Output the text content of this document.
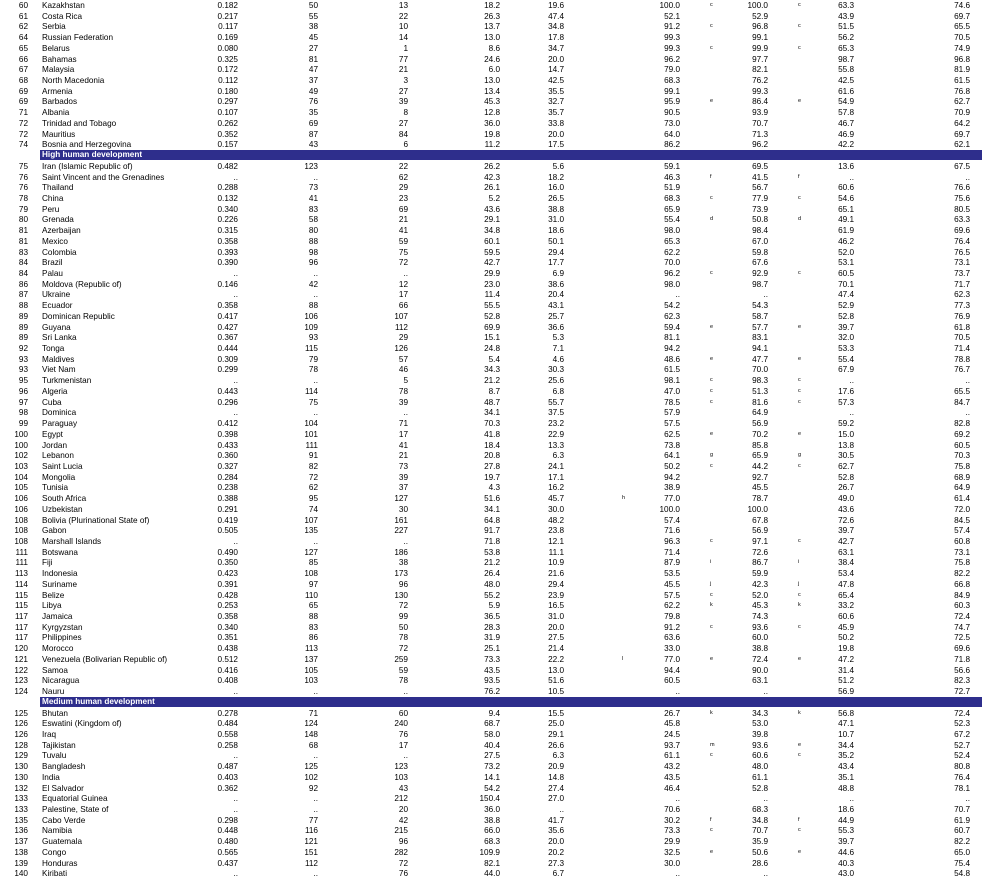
60 Kazakhstan	0.182	50	13	18.2	19.6	100.0	c	100.0	c	63.3	74.6
61 Costa Rica	0.217	55	22	26.3	47.4	52.1	52.9	43.9	69.7
62 Serbia	0.117	38	10	13.7	34.8	91.2	c	96.8	c	51.5	65.5
64 Russian Federation	0.169	45	14	13.0	17.8	99.3	99.1	56.2	70.5
65 Belarus	0.080	27	1	8.6	34.7	99.3	c	99.9	c	65.3	74.9
66 Bahamas	0.325	81	77	24.6	20.0	96.2	97.7	98.7	96.8
67 Malaysia	0.172	47	21	6.0	14.7	79.0	82.1	55.8	81.9
68 North Macedonia	0.112	37	3	13.0	42.5	68.3	76.2	42.5	61.5
69 Armenia	0.180	49	27	13.4	35.5	99.1	99.3	61.6	76.8
69 Barbados	0.297	76	39	45.3	32.7	95.9	e	86.4	e	54.9	62.7
71 Albania	0.107	35	8	12.8	35.7	90.5	93.9	57.8	70.9
72 Trinidad and Tobago	0.262	69	27	36.0	33.8	73.0	70.7	46.7	64.2
72 Mauritius	0.352	87	84	19.8	20.0	64.0	71.3	46.9	69.7
74 Bosnia and Herzegovina	0.157	43	6	11.2	17.5	86.2	96.2	42.2	62.1
High human development
75 Iran (Islamic Republic of)	0.482	123	22	26.2	5.6	59.1	69.5	13.6	67.5
76 Saint Vincent and the Grenadines	..	..	62	42.3	18.2	46.3	f	41.5	f	..	..
76 Thailand	0.288	73	29	26.1	16.0	51.9	56.7	60.6	76.6
78 China	0.132	41	23	5.2	26.5	68.3	c	77.9	c	54.6	75.6
79 Peru	0.340	83	69	43.6	38.8	65.9	73.9	65.1	80.5
80 Grenada	0.226	58	21	29.1	31.0	55.4	d	50.8	d	49.1	63.3
81 Azerbaijan	0.315	80	41	34.8	18.6	98.0	98.4	61.9	69.6
81 Mexico	0.358	88	59	60.1	50.1	65.3	67.0	46.2	76.4
83 Colombia	0.393	98	75	59.5	29.4	62.2	59.8	52.0	76.5
84 Brazil	0.390	96	72	42.7	17.7	70.0	67.6	53.1	73.1
84 Palau	..	..	..	29.9	6.9	96.2	c	92.9	c	60.5	73.7
86 Moldova (Republic of)	0.146	42	12	23.0	38.6	98.0	98.7	70.1	71.7
87 Ukraine	..	..	17	11.4	20.4	..	..	47.4	62.3
88 Ecuador	0.358	88	66	55.5	43.1	54.2	54.3	52.9	77.3
89 Dominican Republic	0.417	106	107	52.8	25.7	62.3	58.7	52.8	76.9
89 Guyana	0.427	109	112	69.9	36.6	59.4	e	57.7	e	39.7	61.8
89 Sri Lanka	0.367	93	29	15.1	5.3	81.1	83.1	32.0	70.5
92 Tonga	0.444	115	126	24.8	7.1	94.2	94.1	53.3	71.4
93 Maldives	0.309	79	57	5.4	4.6	48.6	e	47.7	e	55.4	78.8
93 Viet Nam	0.299	78	46	34.3	30.3	61.5	70.0	67.9	76.7
95 Turkmenistan	..	..	5	21.2	25.6	98.1	c	98.3	c	..	..
96 Algeria	0.443	114	78	8.7	6.8	47.0	c	51.3	c	17.6	65.5
97 Cuba	0.296	75	39	48.7	55.7	78.5	c	81.6	c	57.3	84.7
98 Dominica	..	..	..	34.1	37.5	57.9	64.9	..	..
99 Paraguay	0.412	104	71	70.3	23.2	57.5	56.9	59.2	82.8
100 Egypt	0.398	101	17	41.8	22.9	62.5	e	70.2	e	15.0	69.2
100 Jordan	0.433	111	41	18.4	13.3	73.8	85.8	13.8	60.5
102 Lebanon	0.360	91	21	20.8	6.3	64.1	g	65.9	g	30.5	70.3
103 Saint Lucia	0.327	82	73	27.8	24.1	50.2	c	44.2	c	62.7	75.8
104 Mongolia	0.284	72	39	19.7	17.1	94.2	92.7	52.8	68.9
105 Tunisia	0.238	62	37	4.3	16.2	38.9	45.5	26.7	64.9
106 South Africa	0.388	95	127	51.6	45.7	h	77.0	78.7	49.0	61.4
106 Uzbekistan	0.291	74	30	34.1	30.0	100.0	100.0	43.6	72.0
108 Bolivia (Plurinational State of)	0.419	107	161	64.8	48.2	57.4	67.8	72.6	84.5
108 Gabon	0.505	135	227	91.7	23.8	71.6	56.9	39.7	57.4
108 Marshall Islands	..	..	..	71.8	12.1	96.3	c	97.1	c	42.7	60.8
111 Botswana	0.490	127	186	53.8	11.1	71.4	72.6	63.1	73.1
111 Fiji	0.350	85	38	21.2	10.9	87.9	i	86.7	i	38.4	75.8
113 Indonesia	0.423	108	173	26.4	21.6	53.5	59.9	53.4	82.2
114 Suriname	0.391	97	96	48.0	29.4	45.5	j	42.3	j	47.8	66.8
115 Belize	0.428	110	130	55.2	23.9	57.5	c	52.0	c	65.4	84.9
115 Libya	0.253	65	72	5.9	16.5	62.2	k	45.3	k	33.2	60.3
117 Jamaica	0.358	88	99	36.5	31.0	79.8	74.3	60.6	72.4
117 Kyrgyzstan	0.340	83	50	28.3	20.0	91.2	c	93.6	c	45.9	74.7
117 Philippines	0.351	86	78	31.9	27.5	63.6	60.0	50.2	72.5
120 Morocco	0.438	113	72	25.1	21.4	33.0	38.8	19.8	69.6
121 Venezuela (Bolivarian Republic of)	0.512	137	259	73.3	22.2	l	77.0	e	72.4	e	47.2	71.8
122 Samoa	0.416	105	59	43.5	13.0	94.4	90.0	31.4	56.6
123 Nicaragua	0.408	103	78	93.5	51.6	60.5	63.1	51.2	82.3
124 Nauru	..	..	..	76.2	10.5	..	..	56.9	72.7
Medium human development
125 Bhutan	0.278	71	60	9.4	15.5	26.7	k	34.3	k	56.8	72.4
126 Eswatini (Kingdom of)	0.484	124	240	68.7	25.0	45.8	53.0	47.1	52.3
126 Iraq	0.558	148	76	58.0	29.1	24.5	39.8	10.7	67.2
128 Tajikistan	0.258	68	17	40.4	26.6	93.7	m	93.6	e	34.4	52.7
129 Tuvalu	..	..	..	27.5	6.3	61.1	c	60.6	c	35.2	52.4
130 Bangladesh	0.487	125	123	73.2	20.9	43.2	48.0	43.4	80.8
130 India	0.403	102	103	14.1	14.8	43.5	61.1	35.1	76.4
132 El Salvador	0.362	92	43	54.2	27.4	46.4	52.8	48.8	78.1
133 Equatorial Guinea	..	..	212	150.4	27.0	..	..	..	..
133 Palestine, State of	..	..	20	36.0	..	70.6	68.3	18.6	70.7
135 Cabo Verde	0.298	77	42	38.8	41.7	30.2	f	34.8	f	44.9	61.9
136 Namibia	0.448	116	215	66.0	35.6	73.3	c	70.7	c	55.3	60.7
137 Guatemala	0.480	121	96	68.3	20.0	29.9	35.9	39.7	82.2
138 Congo	0.565	151	282	109.9	20.2	32.5	e	50.6	e	44.6	65.0
139 Honduras	0.437	112	72	82.1	27.3	30.0	28.6	40.3	75.4
140 Kiribati	..	..	76	44.0	6.7	..	..	43.0	54.8
